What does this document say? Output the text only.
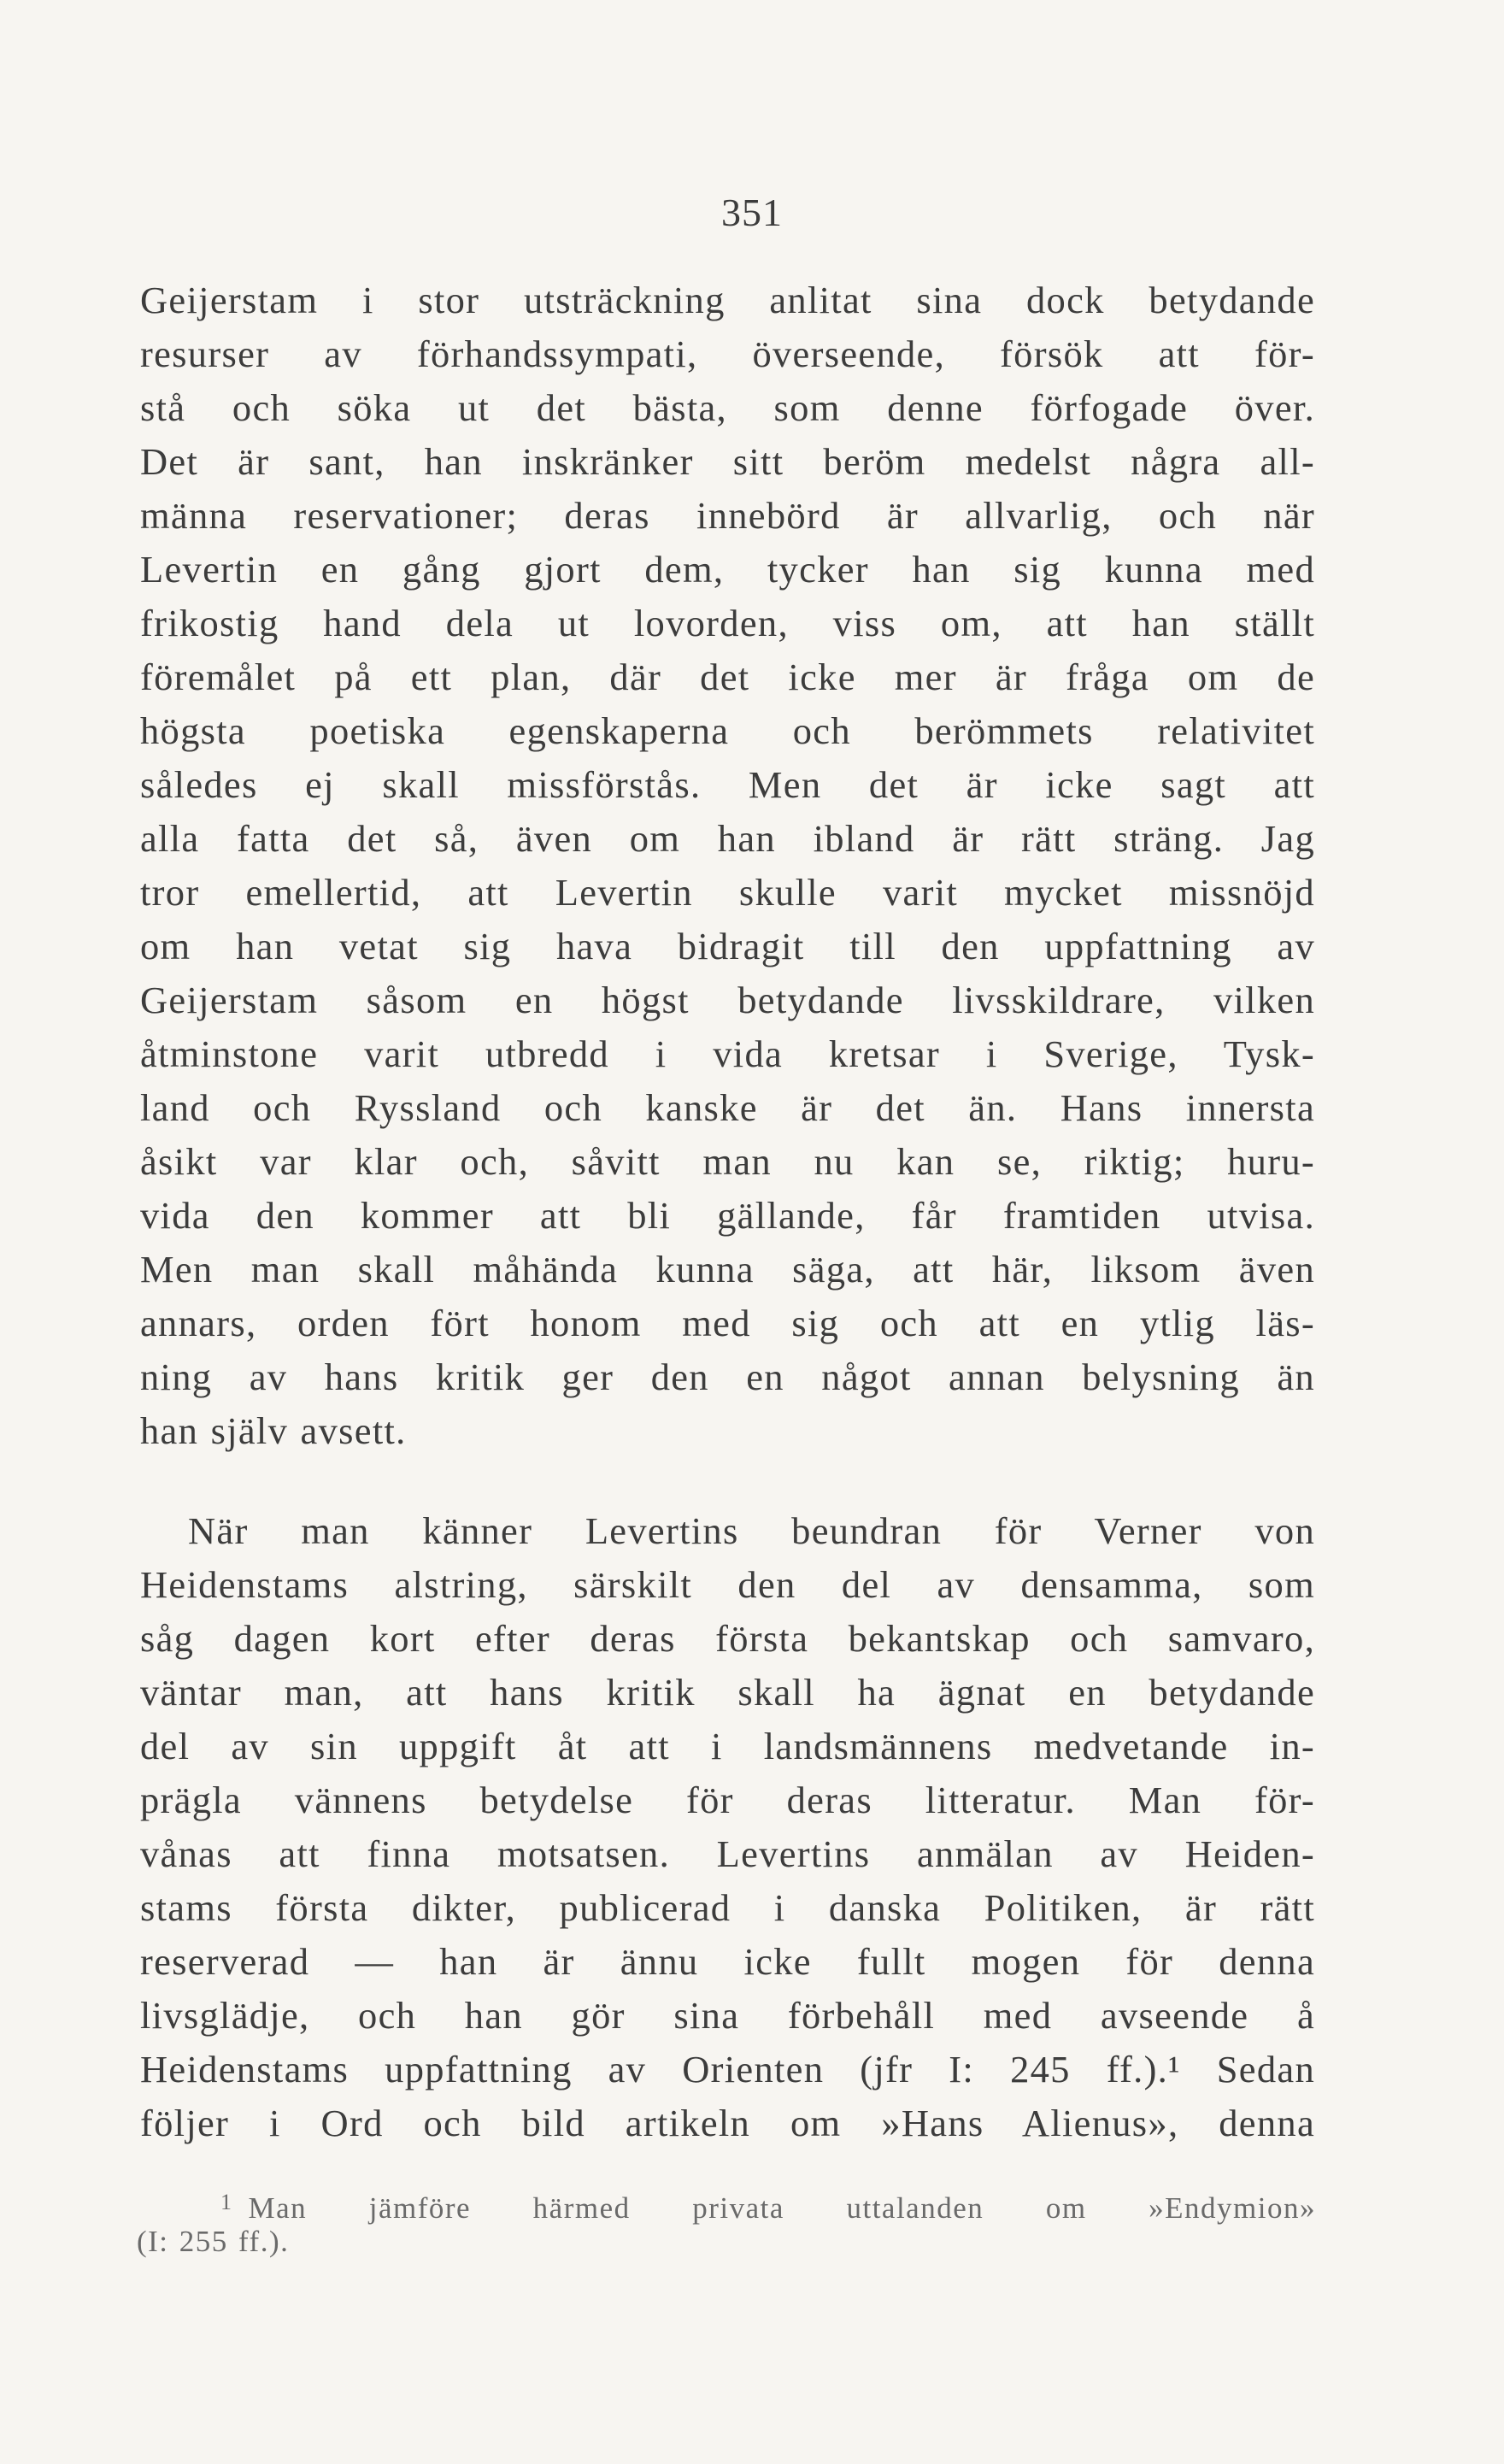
351
Geijerstam i stor utsträckning anlitat sina dock betydande
resurser av förhandssympati, överseende, försök att för-
stå och söka ut det bästa, som denne förfogade över.
Det är sant, han inskränker sitt beröm medelst några all-
männa reservationer; deras innebörd är allvarlig, och när
Levertin en gång gjort dem, tycker han sig kunna med
frikostig hand dela ut lovorden, viss om, att han ställt
föremålet på ett plan, där det icke mer är fråga om de
högsta poetiska egenskaperna och berömmets relativitet
således ej skall missförstås. Men det är icke sagt att
alla fatta det så, även om han ibland är rätt sträng. Jag
tror emellertid, att Levertin skulle varit mycket missnöjd
om han vetat sig hava bidragit till den uppfattning av
Geijerstam såsom en högst betydande livsskildrare, vilken
åtminstone varit utbredd i vida kretsar i Sverige, Tysk-
land och Ryssland och kanske är det än. Hans innersta
åsikt var klar och, såvitt man nu kan se, riktig; huru-
vida den kommer att bli gällande, får framtiden utvisa.
Men man skall måhända kunna säga, att här, liksom även
annars, orden fört honom med sig och att en ytlig läs-
ning av hans kritik ger den en något annan belysning än
han själv avsett.
När man känner Levertins beundran för Verner von
Heidenstams alstring, särskilt den del av densamma, som
såg dagen kort efter deras första bekantskap och samvaro,
väntar man, att hans kritik skall ha ägnat en betydande
del av sin uppgift åt att i landsmännens medvetande in-
prägla vännens betydelse för deras litteratur. Man för-
vånas att finna motsatsen. Levertins anmälan av Heiden-
stams första dikter, publicerad i danska Politiken, är rätt
reserverad — han är ännu icke fullt mogen för denna
livsglädje, och han gör sina förbehåll med avseende å
Heidenstams uppfattning av Orienten (jfr I: 245 ff.).¹ Sedan
följer i Ord och bild artikeln om »Hans Alienus», denna
$^1$ Man jämföre härmed privata uttalanden om »Endymion»
(I: 255 ff.).
